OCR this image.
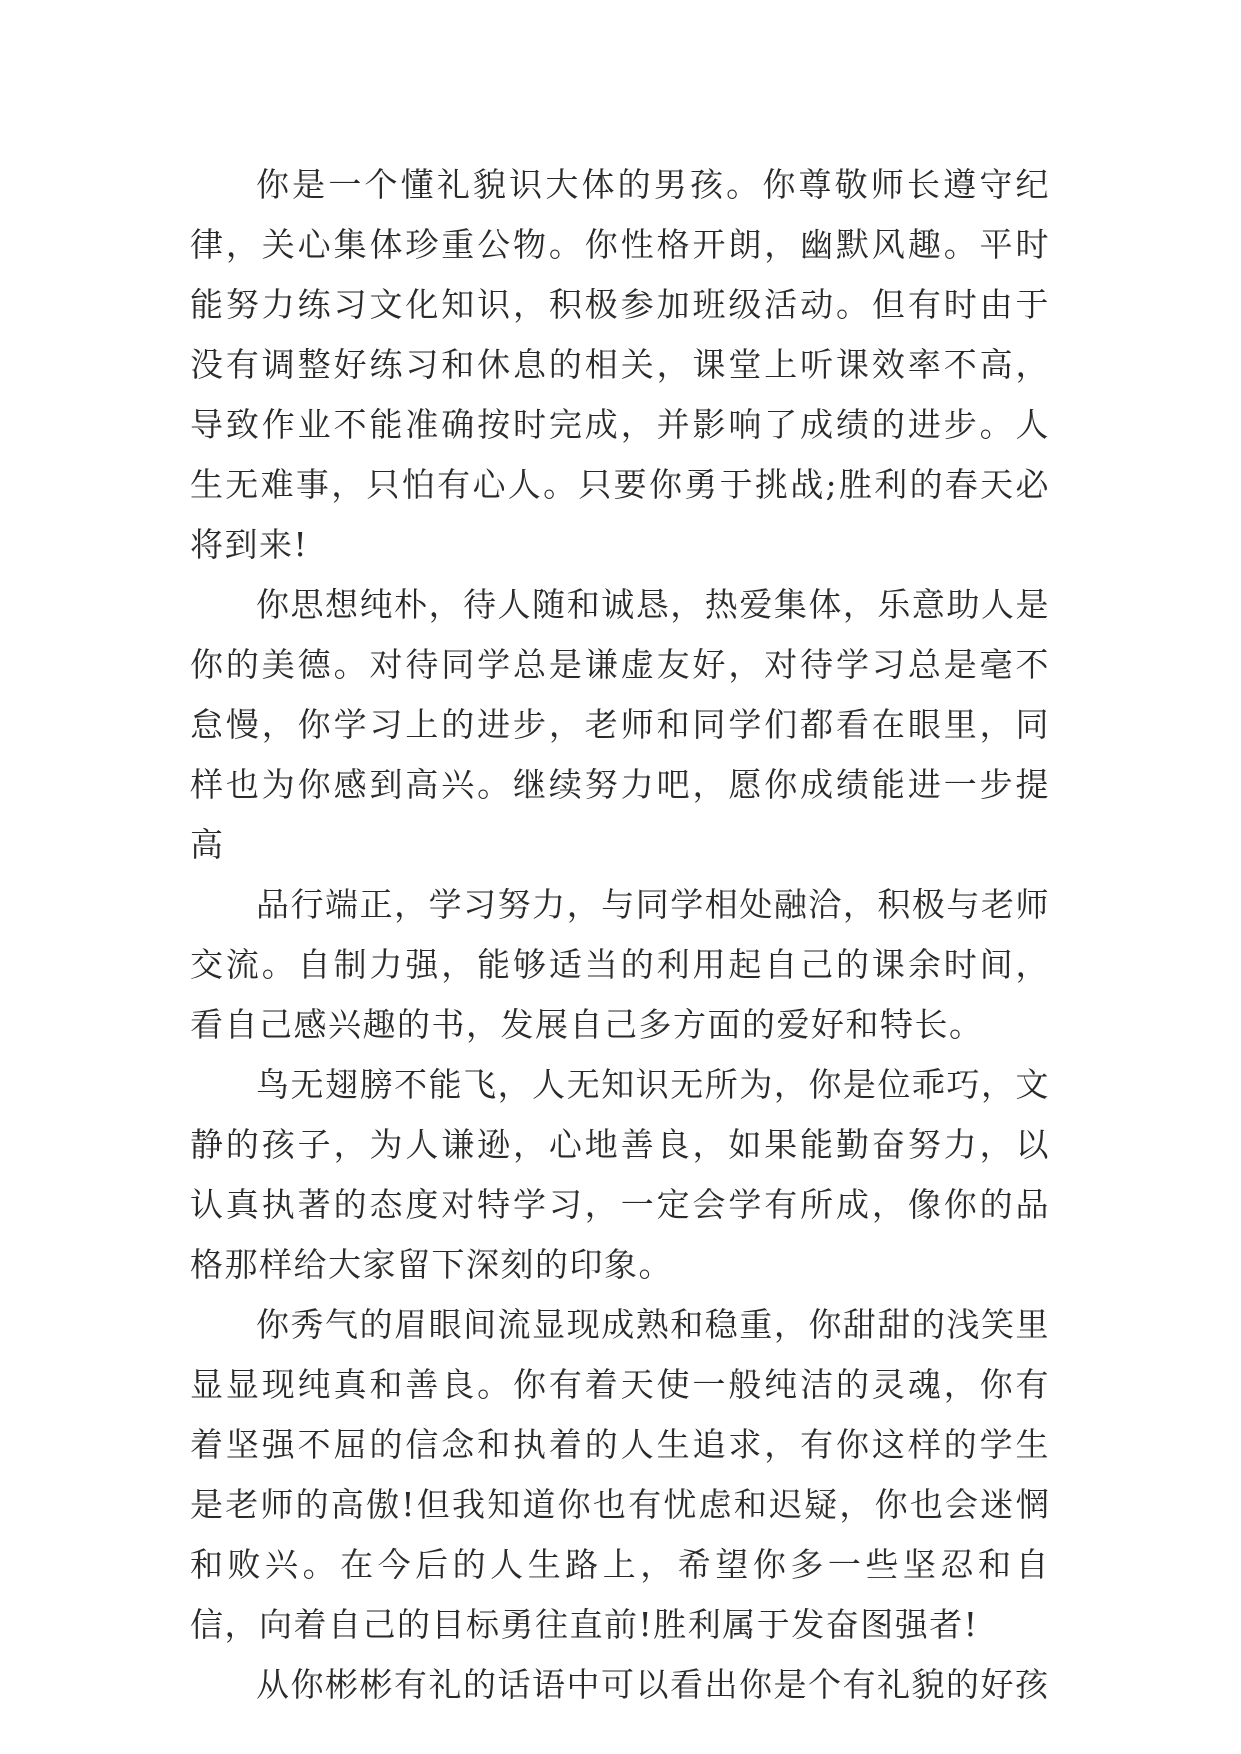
你是一个懂礼貌识大体的男孩。你尊敬师长遵守纪律，关心集体珍重公物。你性格开朗，幽默风趣。平时能努力练习文化知识，积极参加班级活动。但有时由于没有调整好练习和休息的相关，课堂上听课效率不高，导致作业不能准确按时完成，并影响了成绩的进步。人生无难事，只怕有心人。只要你勇于挑战;胜利的春天必将到来!

你思想纯朴，待人随和诚恳，热爱集体，乐意助人是你的美德。对待同学总是谦虚友好，对待学习总是毫不怠慢，你学习上的进步，老师和同学们都看在眼里，同样也为你感到高兴。继续努力吧，愿你成绩能进一步提高

品行端正，学习努力，与同学相处融洽，积极与老师交流。自制力强，能够适当的利用起自己的课余时间，看自己感兴趣的书，发展自己多方面的爱好和特长。

鸟无翅膀不能飞，人无知识无所为，你是位乖巧，文静的孩子，为人谦逊，心地善良，如果能勤奋努力，以认真执著的态度对特学习，一定会学有所成，像你的品格那样给大家留下深刻的印象。

你秀气的眉眼间流显现成熟和稳重，你甜甜的浅笑里显显现纯真和善良。你有着天使一般纯洁的灵魂，你有着坚强不屈的信念和执着的人生追求，有你这样的学生是老师的高傲!但我知道你也有忧虑和迟疑，你也会迷惘和败兴。在今后的人生路上，希望你多一些坚忍和自信，向着自己的目标勇往直前!胜利属于发奋图强者!

从你彬彬有礼的话语中可以看出你是个有礼貌的好孩
